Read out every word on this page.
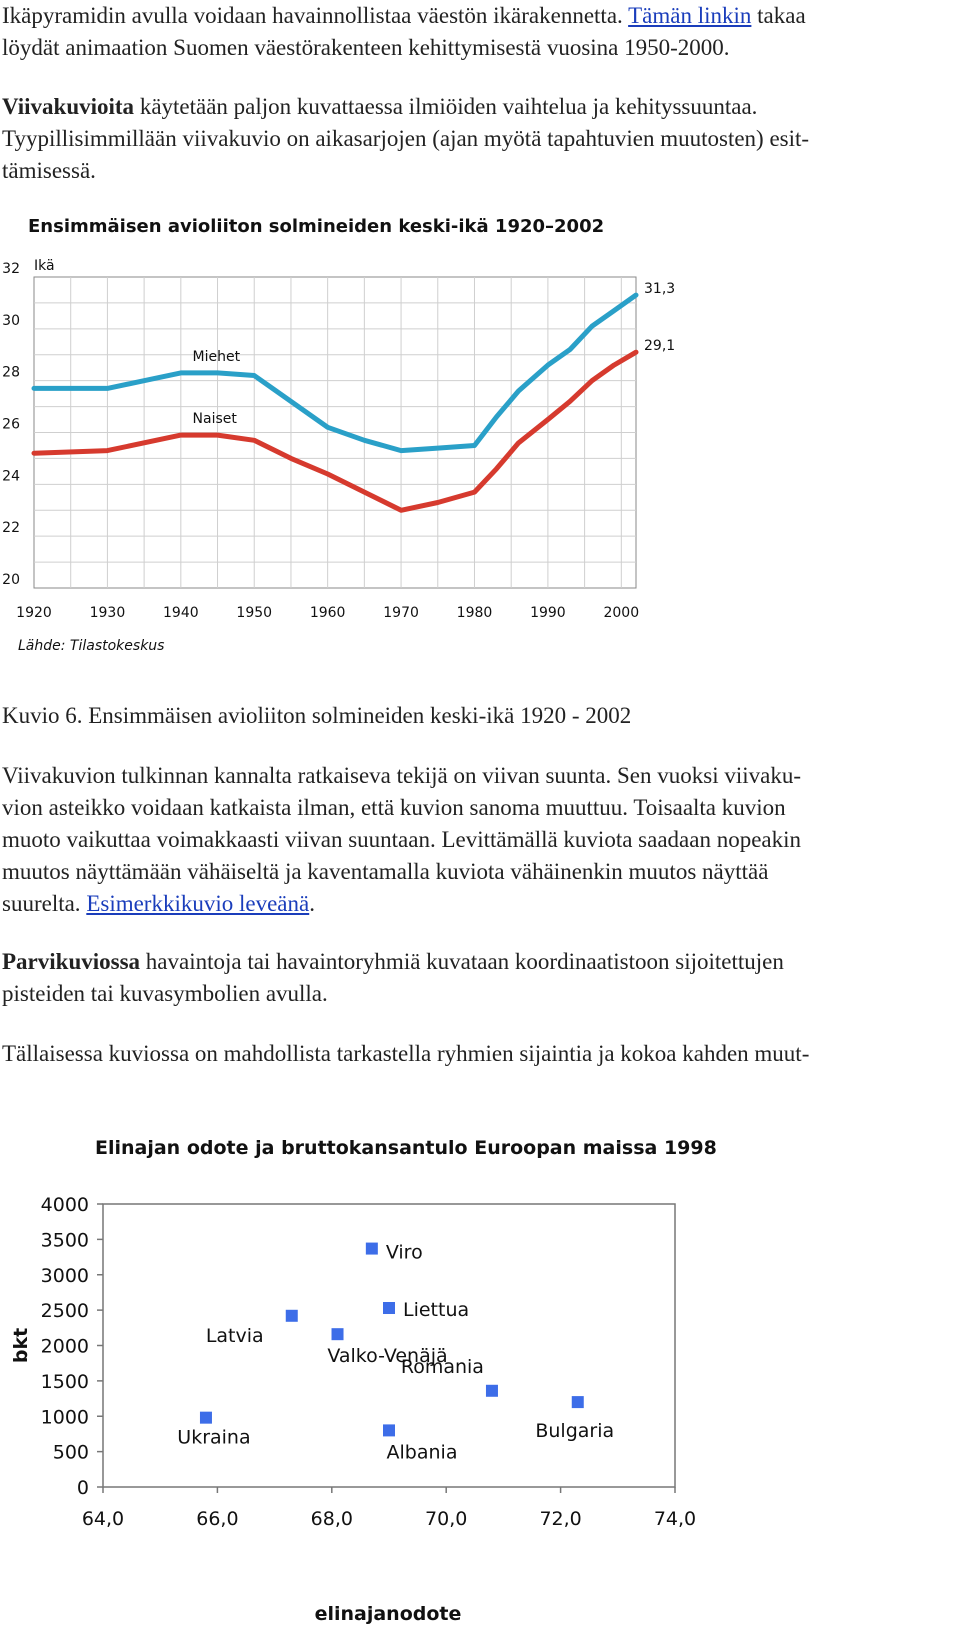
Ikäpyramidin avulla voidaan havainnollistaa väestön ikärakennetta. Tämän linkin takaa
löydät animaation Suomen väestörakenteen kehittymisestä vuosina 1950-2000.
Viivakuvioita käytetään paljon kuvattaessa ilmiöiden vaihtelua ja kehityssuuntaa.
Tyypillisimmillään viivakuvio on aikasarjojen (ajan myötä tapahtuvien muutosten) esit-
tämisessä.
Ensimmäisen avioliiton solmineiden keski-ikä 1920–2002
Ikä
20
22
24
26
28
30
32
1920	1930	1940	1950	1960	1970	1980	1990	2000
Miehet
31,3
Naiset
29,1
Lähde: Tilastokeskus
Kuvio 6. Ensimmäisen avioliiton solmineiden keski-ikä 1920 - 2002
Viivakuvion tulkinnan kannalta ratkaiseva tekijä on viivan suunta. Sen vuoksi viivaku-
vion asteikko voidaan katkaista ilman, että kuvion sanoma muuttuu. Toisaalta kuvion
muoto vaikuttaa voimakkaasti viivan suuntaan. Levittämällä kuviota saadaan nopeakin
muutos näyttämään vähäiseltä ja kaventamalla kuviota vähäinenkin muutos näyttää
suurelta. Esimerkkikuvio leveänä.
Parvikuviossa havaintoja tai havaintoryhmiä kuvataan koordinaatistoon sijoitettujen
pisteiden tai kuvasymbolien avulla.
Tällaisessa kuviossa on mahdollista tarkastella ryhmien sijaintia ja kokoa kahden muut-
Elinajan odote ja bruttokansantulo Euroopan maissa 1998
bkt
0
500
1000
1500
2000
2500
3000
3500
4000
64,0	66,0	68,0	70,0	72,0	74,0
Viro
Liettua
Latvia
Valko-Venäjä
Romania
Bulgaria
Ukraina
Albania
elinajanodote
